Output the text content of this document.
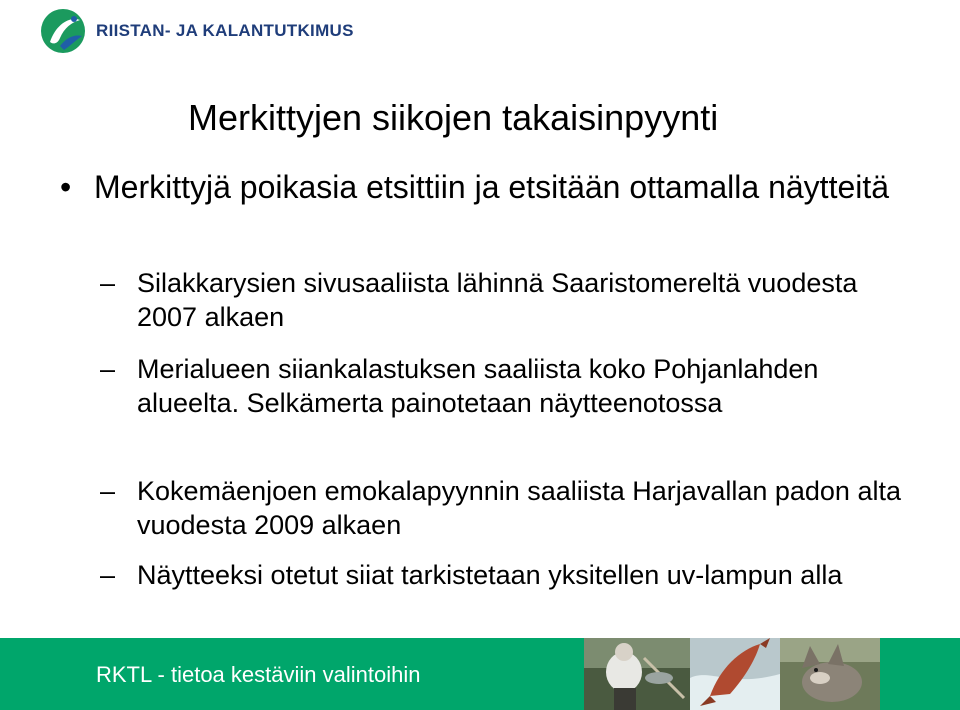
RIISTAN- JA KALANTUTKIMUS
Merkittyjen siikojen takaisinpyynti
• Merkittyjä poikasia etsittiin ja etsitään ottamalla näytteitä
– Silakkarysien sivusaaliista lähinnä Saaristomereltä vuodesta 2007 alkaen
– Merialueen siiankalastuksen saaliista koko Pohjanlahden alueelta. Selkämerta painotetaan näytteenotossa
– Kokemäenjoen emokalapyynnin saaliista Harjavallan padon alta vuodesta 2009 alkaen
– Näytteeksi otetut siiat tarkistetaan yksitellen uv-lampun alla
RKTL - tietoa kestäviin valintoihin
